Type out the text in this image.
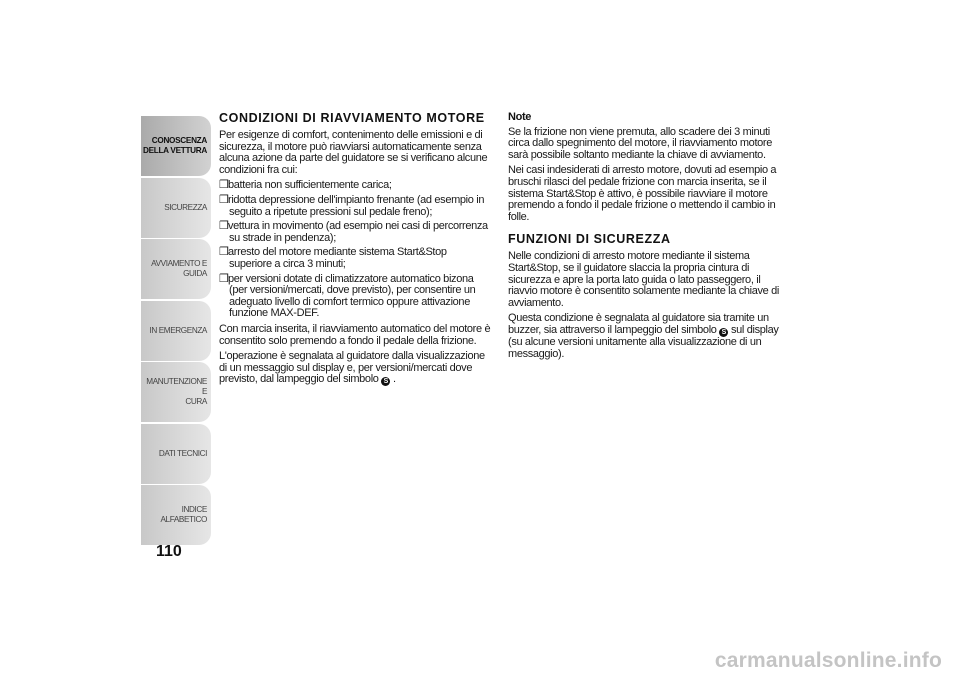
CONOSCENZA
DELLA VETTURA
SICUREZZA
AVVIAMENTO E
GUIDA
IN EMERGENZA
MANUTENZIONE E
CURA
DATI TECNICI
INDICE ALFABETICO
110
CONDIZIONI DI RIAVVIAMENTO MOTORE

Per esigenze di comfort, contenimento delle emissioni e di sicurezza, il motore può riavviarsi automaticamente senza alcuna azione da parte del guidatore se si verificano alcune condizioni fra cui:

❒batteria non sufficientemente carica;
❒ridotta depressione dell'impianto frenante (ad esempio in seguito a ripetute pressioni sul pedale freno);
❒vettura in movimento (ad esempio nei casi di percorrenza su strade in pendenza);
❒arresto del motore mediante sistema Start&Stop superiore a circa 3 minuti;
❒per versioni dotate di climatizzatore automatico bizona (per versioni/mercati, dove previsto), per consentire un adeguato livello di comfort termico oppure attivazione funzione MAX-DEF.

Con marcia inserita, il riavviamento automatico del motore è consentito solo premendo a fondo il pedale della frizione.

L'operazione è segnalata al guidatore dalla visualizzazione di un messaggio sul display e, per versioni/mercati dove previsto, dal lampeggio del simbolo S .

Note

Se la frizione non viene premuta, allo scadere dei 3 minuti circa dallo spegnimento del motore, il riavviamento motore sarà possibile soltanto mediante la chiave di avviamento.

Nei casi indesiderati di arresto motore, dovuti ad esempio a bruschi rilasci del pedale frizione con marcia inserita, se il sistema Start&Stop è attivo, è possibile riavviare il motore premendo a fondo il pedale frizione o mettendo il cambio in folle.

FUNZIONI DI SICUREZZA

Nelle condizioni di arresto motore mediante il sistema Start&Stop, se il guidatore slaccia la propria cintura di sicurezza e apre la porta lato guida o lato passeggero, il riavvio motore è consentito solamente mediante la chiave di avviamento.

Questa condizione è segnalata al guidatore sia tramite un buzzer, sia attraverso il lampeggio del simbolo S sul display (su alcune versioni unitamente alla visualizzazione di un messaggio).

carmanualsonline.info
